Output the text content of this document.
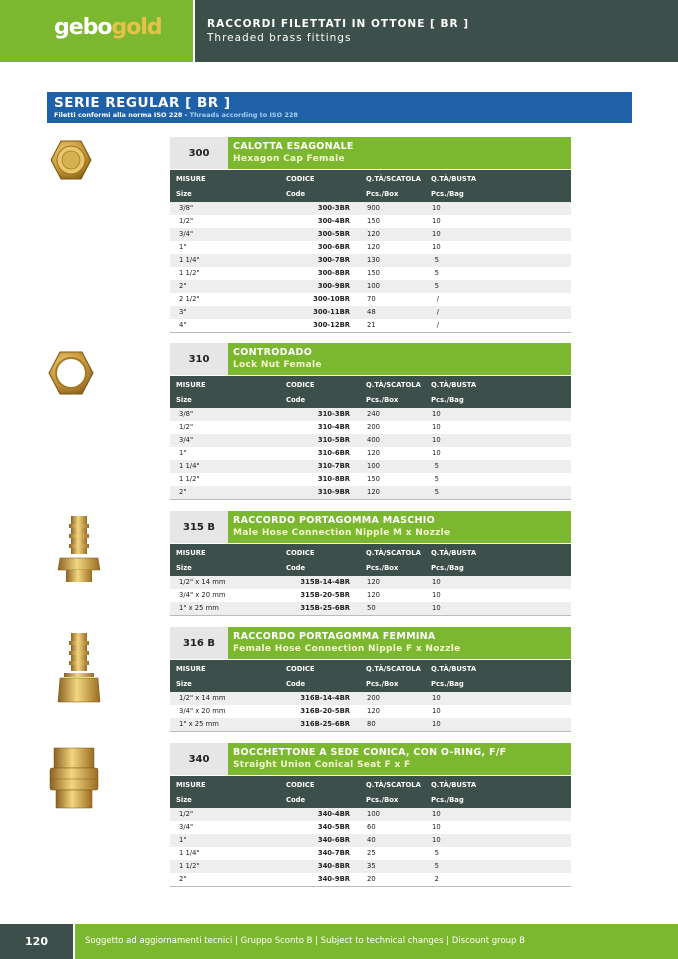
gebogold	RACCORDI FILETTATI IN OTTONE [ BR ]
Threaded brass fittings
SERIE REGULAR [ BR ]
Filetti conformi alla norma ISO 228 - Threads according to ISO 228
300
CALOTTA ESAGONALE
Hexagon Cap Female
MISURE	CODICE	Q.TÀ/SCATOLA Q.TÀ/BUSTA
Size	Code	Pcs./Box	Pcs./Bag
3/8"	300-3BR	900	10
1/2"	300-4BR	150	10
3/4"	300-5BR	120	10
1"	300-6BR	120	10
1 1/4"	300-7BR	130	5
1 1/2"	300-8BR	150	5
2"	300-9BR	100	5
2 1/2"	300-10BR	70	/
3"	300-11BR	48	/
4"	300-12BR	21	/
310
CONTRODADO
Lock Nut Female
MISURE	CODICE	Q.TÀ/SCATOLA Q.TÀ/BUSTA
Size	Code	Pcs./Box	Pcs./Bag
3/8"	310-3BR	240	10
1/2"	310-4BR	200	10
3/4"	310-5BR	400	10
1"	310-6BR	120	10
1 1/4"	310-7BR	100	5
1 1/2"	310-8BR	150	5
2"	310-9BR	120	5
315 B
RACCORDO PORTAGOMMA MASCHIO
Male Hose Connection Nipple M x Nozzle
MISURE	CODICE	Q.TÀ/SCATOLA Q.TÀ/BUSTA
Size	Code	Pcs./Box	Pcs./Bag
1/2" x 14 mm	315B-14-4BR	120	10
3/4" x 20 mm	315B-20-5BR	120	10
1" x 25 mm	315B-25-6BR	50	10
316 B
RACCORDO PORTAGOMMA FEMMINA
Female Hose Connection Nipple F x Nozzle
MISURE	CODICE	Q.TÀ/SCATOLA Q.TÀ/BUSTA
Size	Code	Pcs./Box	Pcs./Bag
1/2" x 14 mm	316B-14-4BR	200	10
3/4" x 20 mm	316B-20-5BR	120	10
1" x 25 mm	316B-25-6BR	80	10
340
BOCCHETTONE A SEDE CONICA, CON O-RING, F/F
Straight Union Conical Seat F x F
MISURE	CODICE	Q.TÀ/SCATOLA Q.TÀ/BUSTA
Size	Code	Pcs./Box	Pcs./Bag
1/2"	340-4BR	100	10
3/4"	340-5BR	60	10
1"	340-6BR	40	10
1 1/4"	340-7BR	25	5
1 1/2"	340-8BR	35	5
2"	340-9BR	20	2
120	Soggetto ad aggiornamenti tecnici | Gruppo Sconto B | Subject to technical changes | Discount group B
